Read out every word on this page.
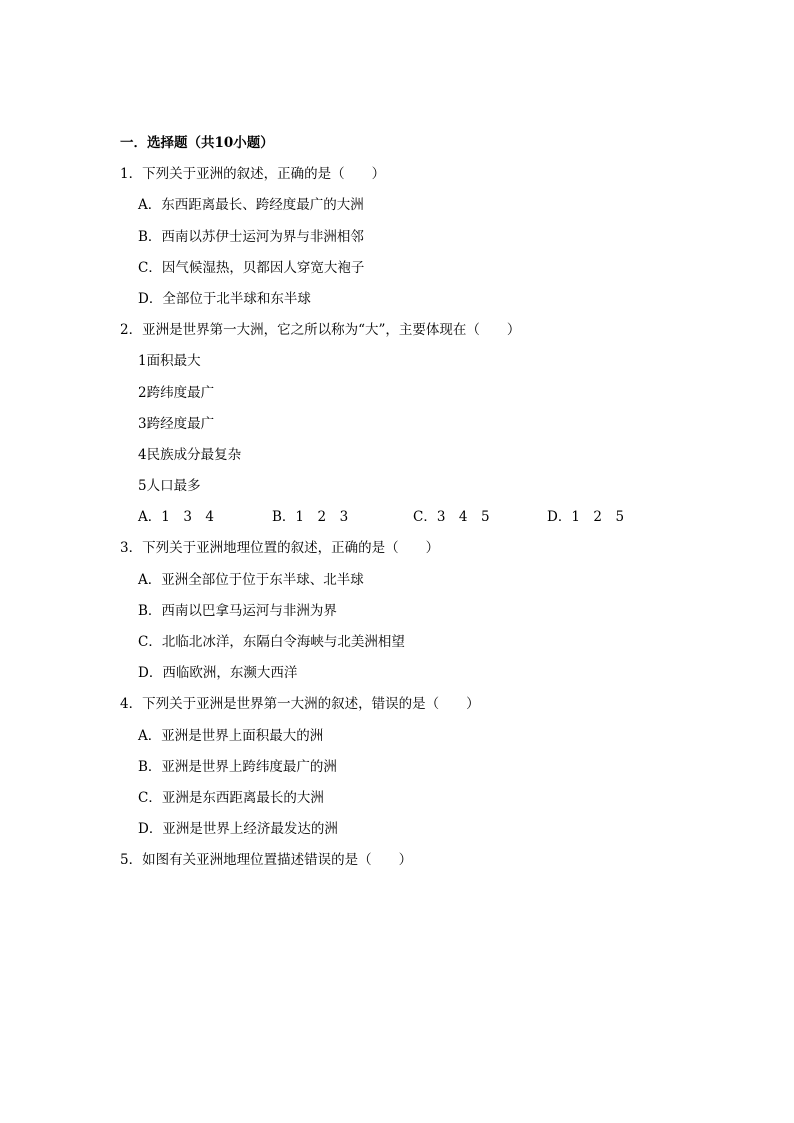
一．选择题（共10小题）
1．下列关于亚洲的叙述，正确的是（　　）
A．东西距离最长、跨经度最广的大洲
B．西南以苏伊士运河为界与非洲相邻
C．因气候湿热，贝都因人穿宽大袍子
D．全部位于北半球和东半球
2．亚洲是世界第一大洲，它之所以称为“大”，主要体现在（　　）
1面积最大
2跨纬度最广
3跨经度最广
4民族成分最复杂
5人口最多
A．1　3　4	B．1　2　3	C．3　4　5	D．1　2　5
3．下列关于亚洲地理位置的叙述，正确的是（　　）
A．亚洲全部位于位于东半球、北半球
B．西南以巴拿马运河与非洲为界
C．北临北冰洋，东隔白令海峡与北美洲相望
D．西临欧洲，东濒大西洋
4．下列关于亚洲是世界第一大洲的叙述，错误的是（　　）
A．亚洲是世界上面积最大的洲
B．亚洲是世界上跨纬度最广的洲
C．亚洲是东西距离最长的大洲
D．亚洲是世界上经济最发达的洲
5．如图有关亚洲地理位置描述错误的是（　　）
